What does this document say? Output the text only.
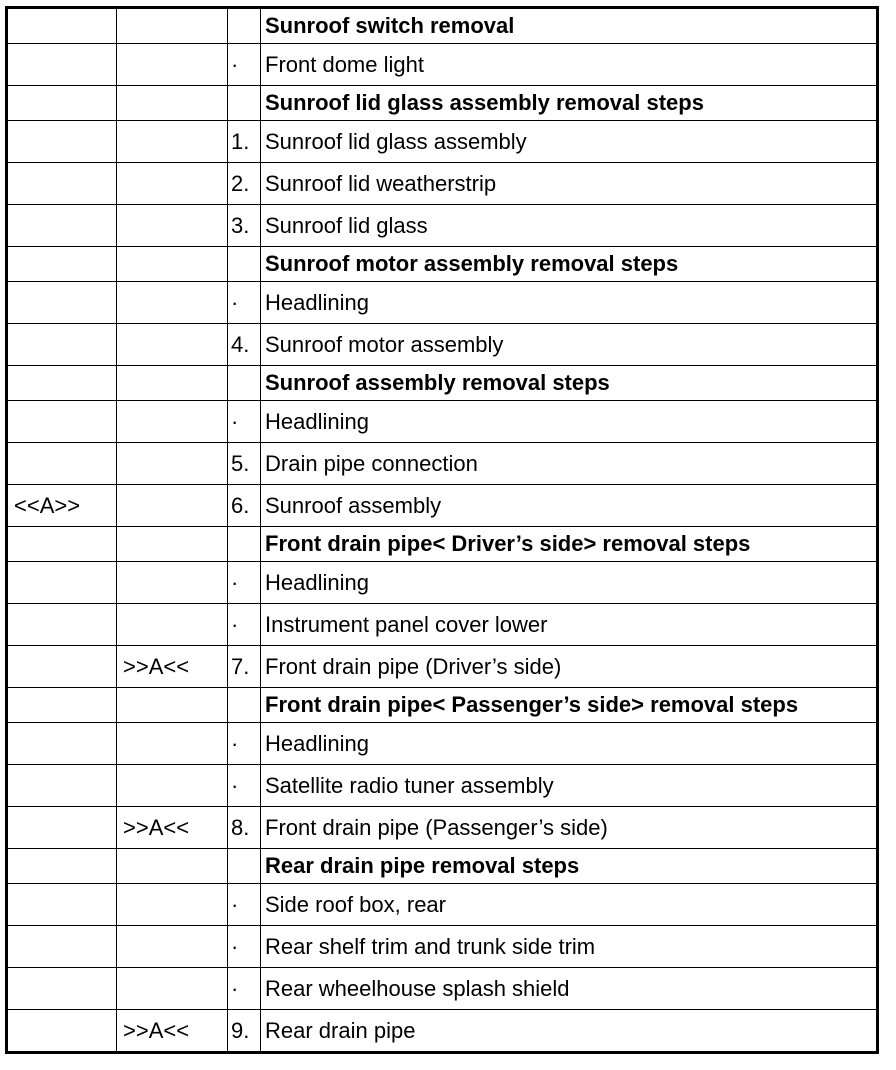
			Sunroof switch removal
		·	Front dome light
			Sunroof lid glass assembly removal steps
		1.	Sunroof lid glass assembly
		2.	Sunroof lid weatherstrip
		3.	Sunroof lid glass
			Sunroof motor assembly removal steps
		·	Headlining
		4.	Sunroof motor assembly
			Sunroof assembly removal steps
		·	Headlining
		5.	Drain pipe connection
<<A>>		6.	Sunroof assembly
			Front drain pipe< Driver’s side> removal steps
		·	Headlining
		·	Instrument panel cover lower
	>>A<<	7.	Front drain pipe (Driver’s side)
			Front drain pipe< Passenger’s side> removal steps
		·	Headlining
		·	Satellite radio tuner assembly
	>>A<<	8.	Front drain pipe (Passenger’s side)
			Rear drain pipe removal steps
		·	Side roof box, rear
		·	Rear shelf trim and trunk side trim
		·	Rear wheelhouse splash shield
	>>A<<	9.	Rear drain pipe
